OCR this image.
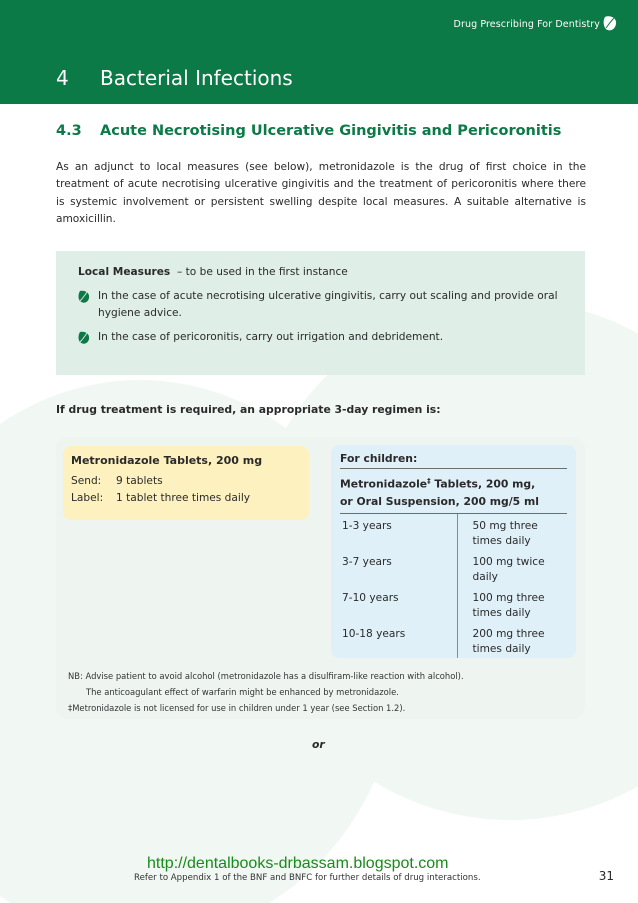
Drug Prescribing For Dentistry
4 Bacterial Infections
4.3 Acute Necrotising Ulcerative Gingivitis and Pericoronitis

As an adjunct to local measures (see below), metronidazole is the drug of first choice in the treatment of acute necrotising ulcerative gingivitis and the treatment of pericoronitis where there is systemic involvement or persistent swelling despite local measures. A suitable alternative is amoxicillin.

Local Measures – to be used in the first instance
In the case of acute necrotising ulcerative gingivitis, carry out scaling and provide oral hygiene advice.
In the case of pericoronitis, carry out irrigation and debridement.

If drug treatment is required, an appropriate 3-day regimen is:

Metronidazole Tablets, 200 mg
Send:	9 tablets
Label:	1 tablet three times daily
For children:
Metronidazole‡ Tablets, 200 mg,
or Oral Suspension, 200 mg/5 ml
1-3 years	50 mg three times daily
3-7 years	100 mg twice daily
7-10 years	100 mg three times daily
10-18 years	200 mg three times daily
NB: Advise patient to avoid alcohol (metronidazole has a disulfiram-like reaction with alcohol).
The anticoagulant effect of warfarin might be enhanced by metronidazole.
‡Metronidazole is not licensed for use in children under 1 year (see Section 1.2).
or
http://dentalbooks-drbassam.blogspot.com
Refer to Appendix 1 of the BNF and BNFC for further details of drug interactions.	31
